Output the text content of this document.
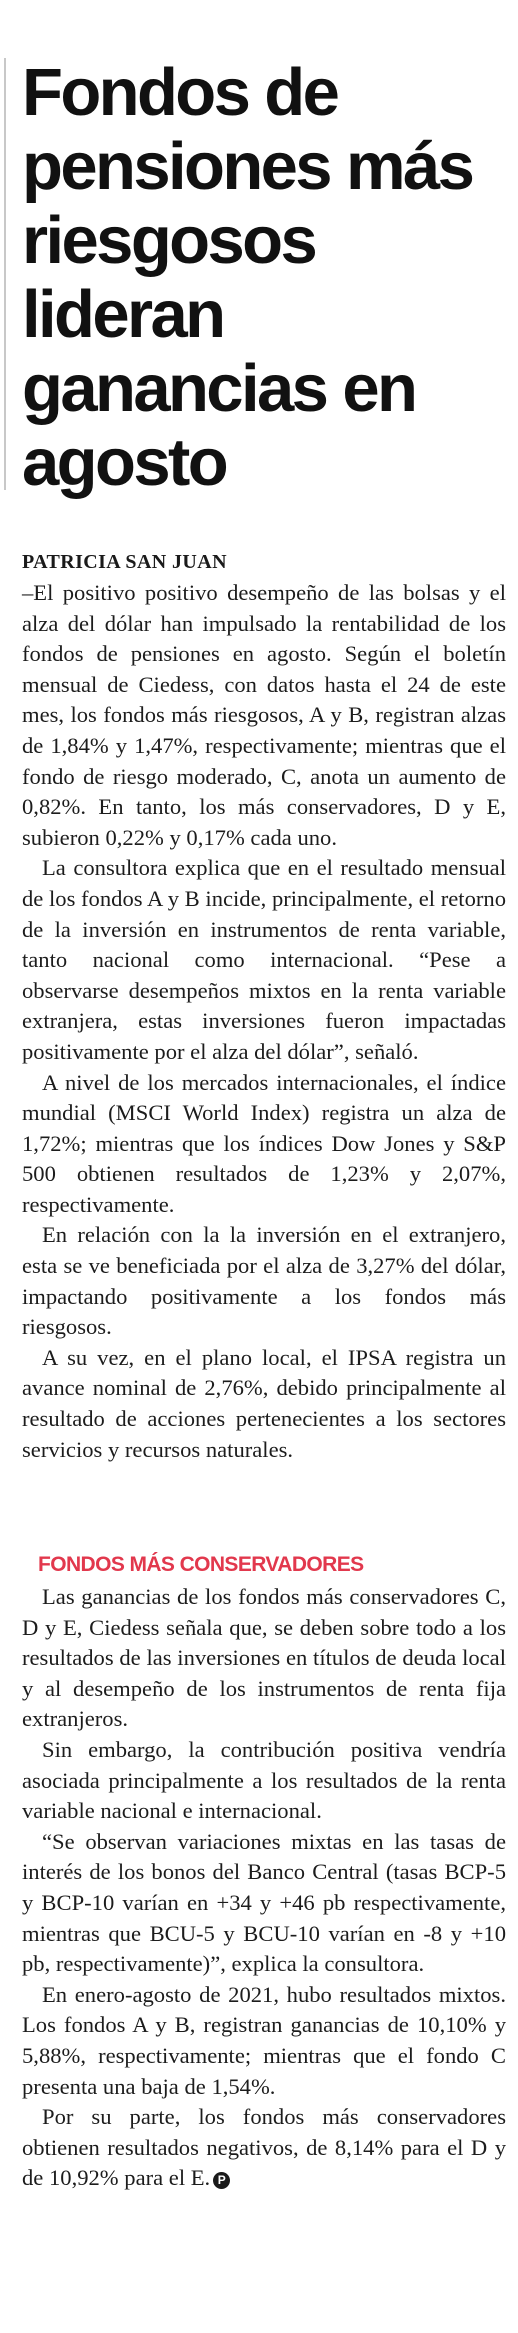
Fondos de pensiones más riesgosos lideran ganancias en agosto

PATRICIA SAN JUAN

–El positivo positivo desempeño de las bolsas y el alza del dólar han impulsado la rentabilidad de los fondos de pensiones en agosto. Según el boletín mensual de Ciedess, con datos hasta el 24 de este mes, los fondos más riesgosos, A y B, registran alzas de 1,84% y 1,47%, respectivamente; mientras que el fondo de riesgo moderado, C, anota un aumento de 0,82%. En tanto, los más conservadores, D y E, subieron 0,22% y 0,17% cada uno.

La consultora explica que en el resultado mensual de los fondos A y B incide, principalmente, el retorno de la inversión en instrumentos de renta variable, tanto nacional como internacional. “Pese a observarse desempeños mixtos en la renta variable extranjera, estas inversiones fueron impactadas positivamente por el alza del dólar”, señaló.

A nivel de los mercados internacionales, el índice mundial (MSCI World Index) registra un alza de 1,72%; mientras que los índices Dow Jones y S&P 500 obtienen resultados de 1,23% y 2,07%, respectivamente.

En relación con la la inversión en el extranjero, esta se ve beneficiada por el alza de 3,27% del dólar, impactando positivamente a los fondos más riesgosos.

A su vez, en el plano local, el IPSA registra un avance nominal de 2,76%, debido principalmente al resultado de acciones pertenecientes a los sectores servicios y recursos naturales.

FONDOS MÁS CONSERVADORES

Las ganancias de los fondos más conservadores C, D y E, Ciedess señala que, se deben sobre todo a los resultados de las inversiones en títulos de deuda local y al desempeño de los instrumentos de renta fija extranjeros.

Sin embargo, la contribución positiva vendría asociada principalmente a los resultados de la renta variable nacional e internacional.

“Se observan variaciones mixtas en las tasas de interés de los bonos del Banco Central (tasas BCP-5 y BCP-10 varían en +34 y +46 pb respectivamente, mientras que BCU-5 y BCU-10 varían en -8 y +10 pb, respectivamente)”, explica la consultora.

En enero-agosto de 2021, hubo resultados mixtos. Los fondos A y B, registran ganancias de 10,10% y 5,88%, respectivamente; mientras que el fondo C presenta una baja de 1,54%.

Por su parte, los fondos más conservadores obtienen resultados negativos, de 8,14% para el D y de 10,92% para el E. P
